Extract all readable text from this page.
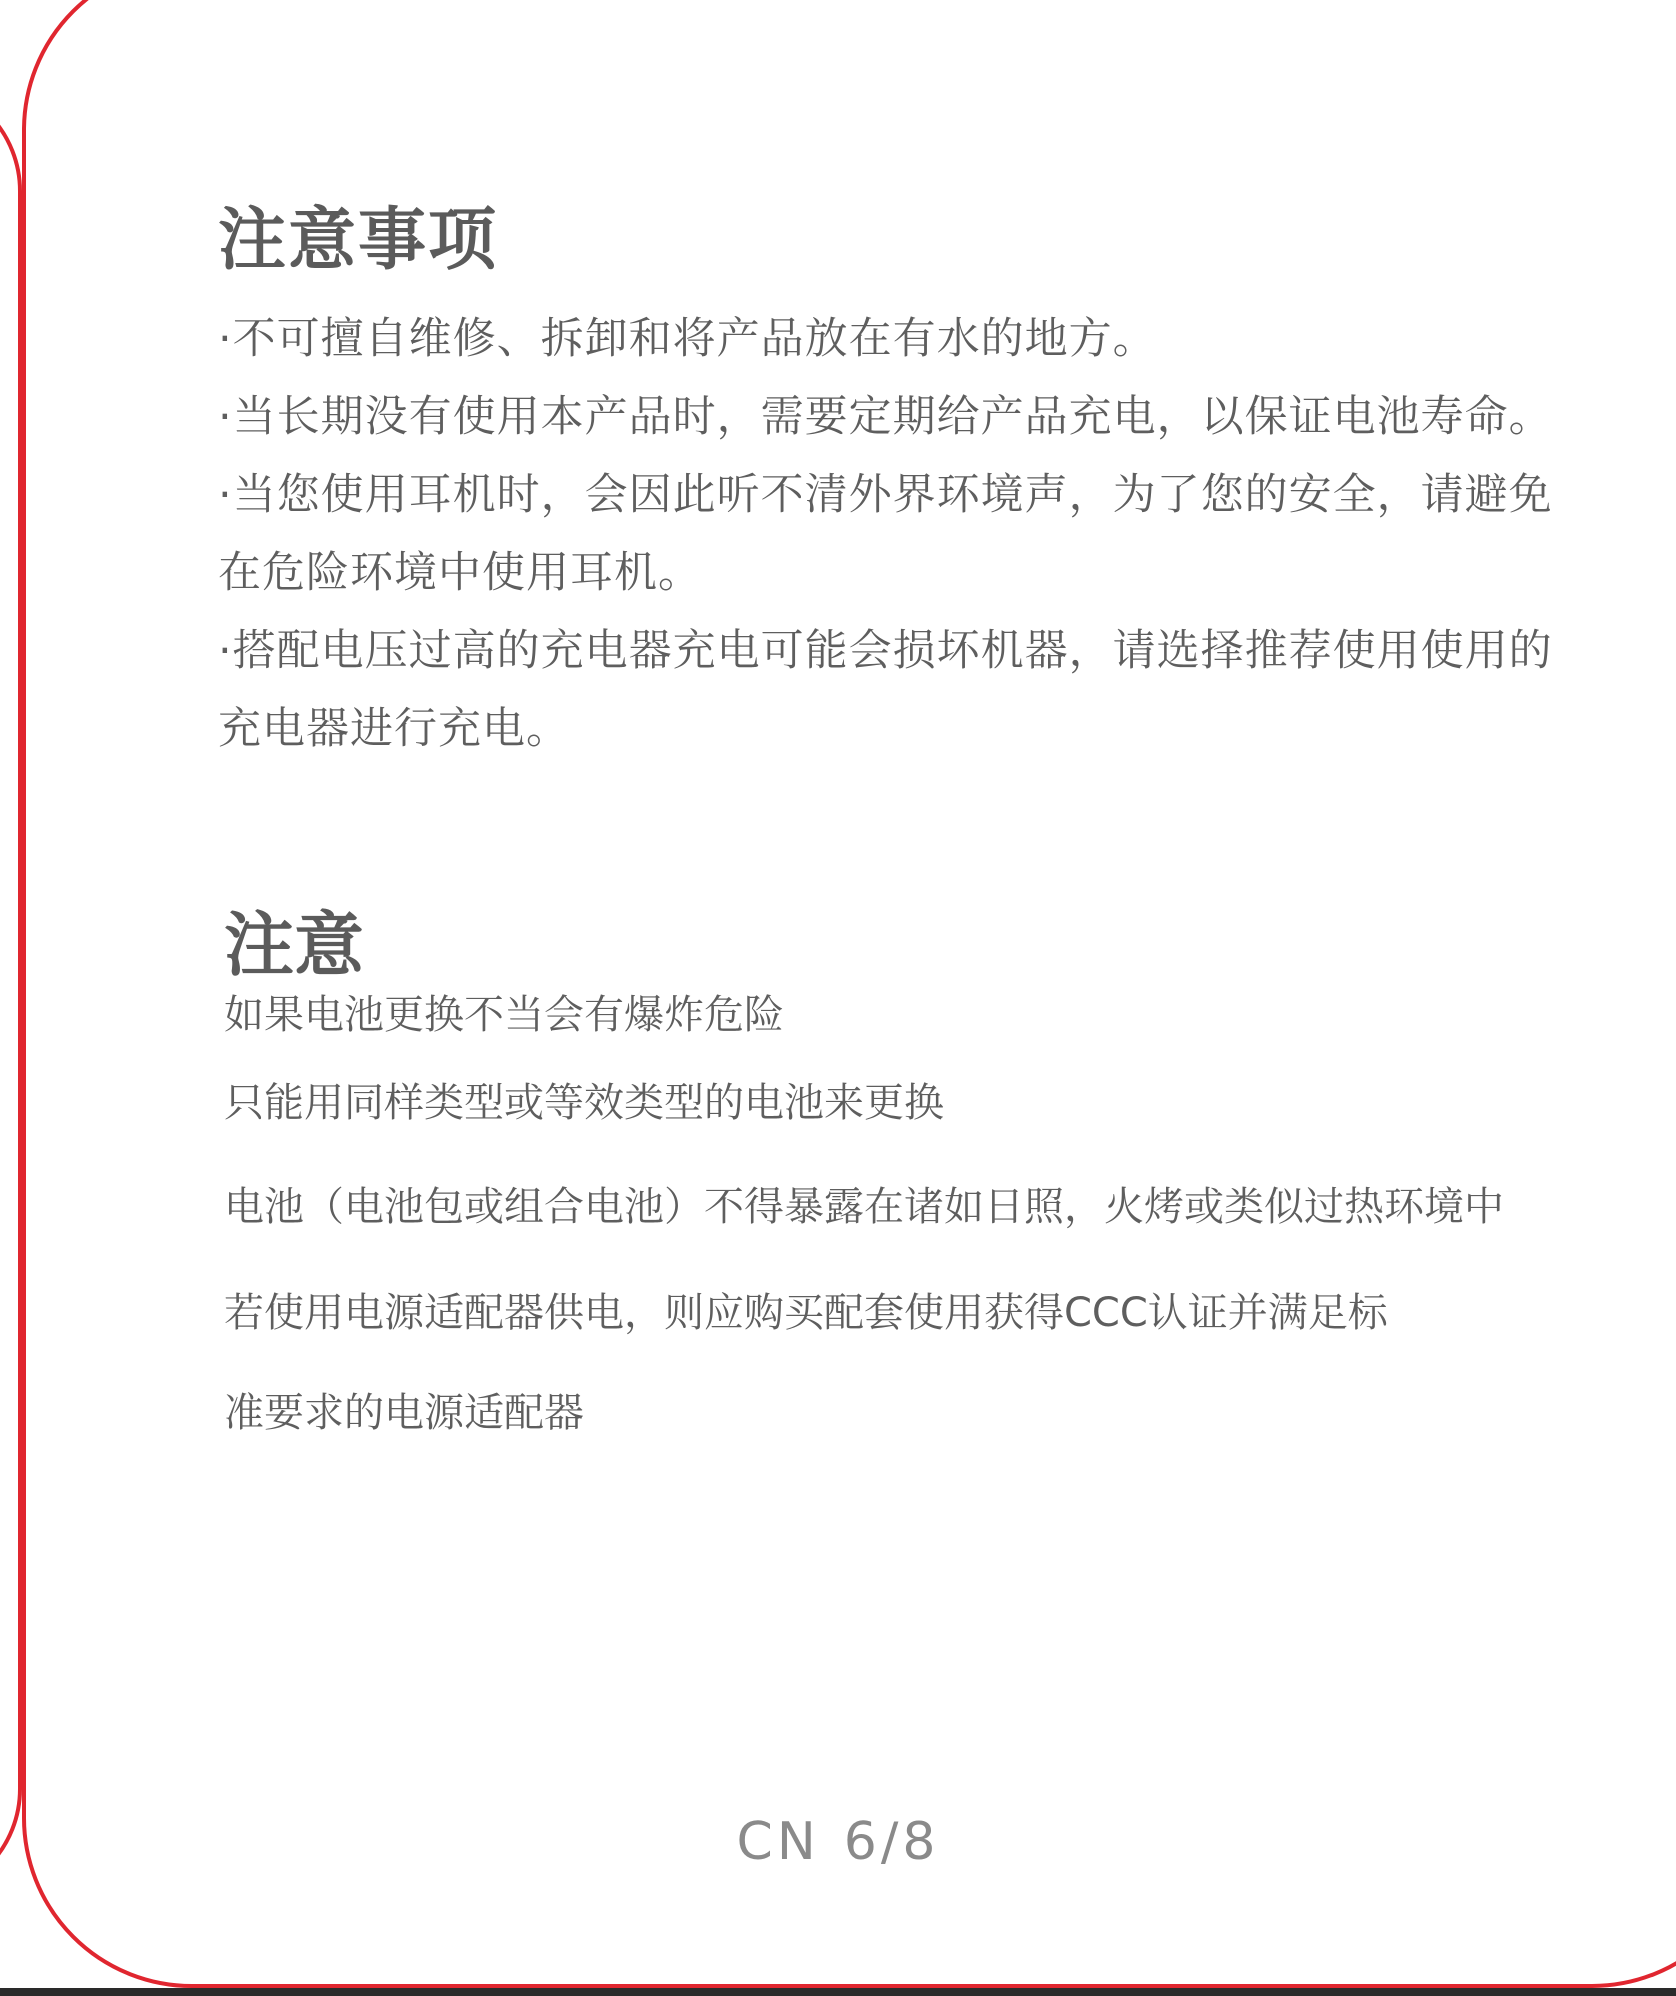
注意事项
·不可擅自维修、拆卸和将产品放在有水的地方。
·当长期没有使用本产品时，需要定期给产品充电，以保证电池寿命。
·当您使用耳机时，会因此听不清外界环境声，为了您的安全，请避免在危险环境中使用耳机。
·搭配电压过高的充电器充电可能会损坏机器，请选择推荐使用使用的充电器进行充电。
注意

如果电池更换不当会有爆炸危险

只能用同样类型或等效类型的电池来更换

电池（电池包或组合电池）不得暴露在诸如日照，火烤或类似过热环境中

若使用电源适配器供电，则应购买配套使用获得CCC认证并满足标

准要求的电源适配器

CN 6/8
